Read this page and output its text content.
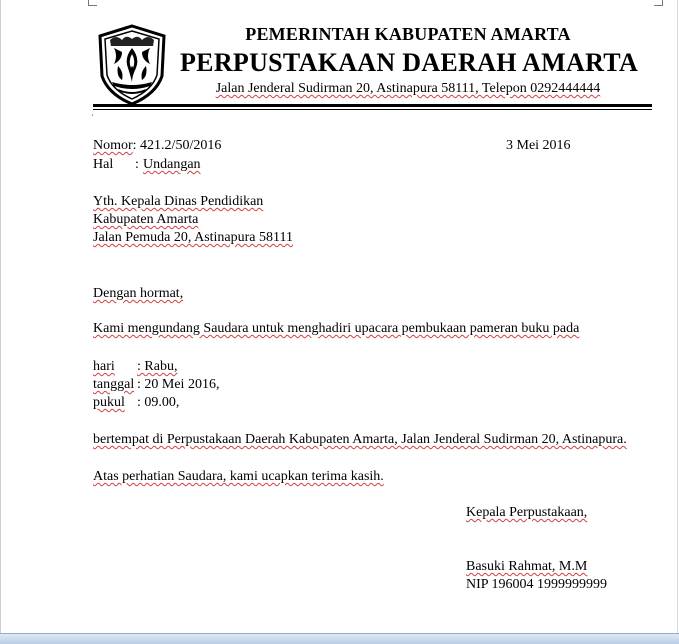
PEMERINTAH KABUPATEN AMARTA
PERPUSTAKAAN DAERAH AMARTA
Jalan Jenderal Sudirman 20, Astinapura 58111, Telepon 0292444444
,
Nomor: 421.2/50/2016	3 Mei 2016
Hal : Undangan
Yth. Kepala Dinas Pendidikan
Kabupaten Amarta
Jalan Pemuda 20, Astinapura 58111
Dengan hormat,
Kami mengundang Saudara untuk menghadiri upacara pembukaan pameran buku pada
hari : Rabu,
tanggal : 20 Mei 2016,
pukul : 09.00,
bertempat di Perpustakaan Daerah Kabupaten Amarta, Jalan Jenderal Sudirman 20, Astinapura.
Atas perhatian Saudara, kami ucapkan terima kasih.
Kepala Perpustakaan,
Basuki Rahmat, M.M
NIP 196004 1999999999
